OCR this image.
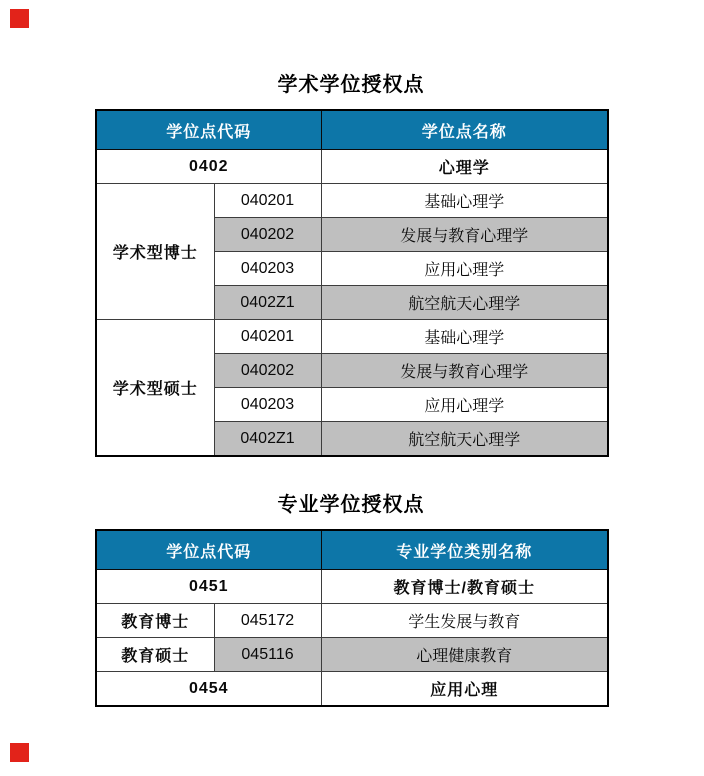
学术学位授权点
学位点代码		学位点名称
0402		心理学
学术型博士	040201	基础心理学
	040202	发展与教育心理学
	040203	应用心理学
	0402Z1	航空航天心理学
学术型硕士	040201	基础心理学
	040202	发展与教育心理学
	040203	应用心理学
	0402Z1	航空航天心理学
专业学位授权点
学位点代码		专业学位类别名称
0451		教育博士/教育硕士
教育博士	045172	学生发展与教育
教育硕士	045116	心理健康教育
0454		应用心理
